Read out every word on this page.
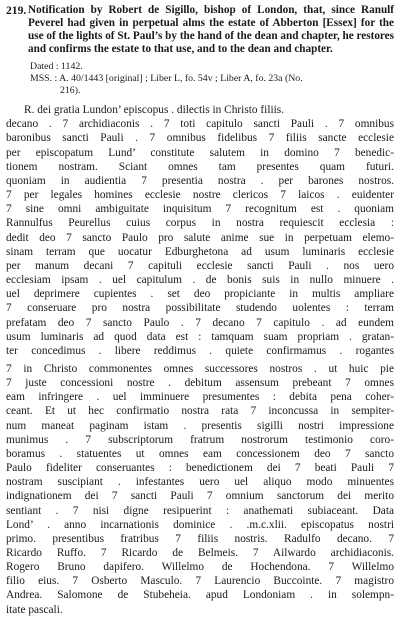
219. Notification by Robert de Sigillo, bishop of London, that, since Ranulf Peverel had given in perpetual alms the estate of Abberton [Essex] for the use of the lights of St. Paul’s by the hand of the dean and chapter, he restores and confirms the estate to that use, and to the dean and chapter.
Dated : 1142.
MSS. : A. 40/1443 [original] ; Liber L, fo. 54v ; Liber A, fo. 23a (No.
216).
R. dei gratia Lundon’ episcopus . dilectis in Christo filiis.
decano . 7 archidiaconis . 7 toti capitulo sancti Pauli . 7 omnibus
baronibus sancti Pauli . 7 omnibus fidelibus 7 filiis sancte ecclesie
per episcopatum Lund’ constitute salutem in domino 7 benedic-
tionem nostram. Sciant omnes tam presentes quam futuri.
quoniam in audientia 7 presentia nostra . per barones nostros.
7 per legales homines ecclesie nostre clericos 7 laicos . euidenter
7 sine omni ambiguitate inquisitum 7 recognitum est . quoniam
Rannulfus Peurellus cuius corpus in nostra requiescit ecclesia :
dedit deo 7 sancto Paulo pro salute anime sue in perpetuam elemo-
sinam terram que uocatur Edburghetona ad usum luminaris ecclesie
per manum decani 7 capituli ecclesie sancti Pauli . nos uero
ecclesiam ipsam . uel capitulum . de bonis suis in nullo minuere .
uel deprimere cupientes . set deo propiciante in multis ampliare
7 conseruare pro nostra possibilitate studendo uolentes : terram
prefatam deo 7 sancto Paulo . 7 decano 7 capitulo . ad eundem
usum luminaris ad quod data est : tamquam suam propriam . gratan-
ter concedimus . libere reddimus . quiete confirmamus . rogantes
7 in Christo commonentes omnes successores nostros . ut huic pie
7 juste concessioni nostre . debitum assensum prebeant 7 omnes
eam infringere . uel imminuere presumentes : debita pena coher-
ceant. Et ut hec confirmatio nostra rata 7 inconcussa in sempiter-
num maneat paginam istam . presentis sigilli nostri impressione
munimus . 7 subscriptorum fratrum nostrorum testimonio coro-
boramus . statuentes ut omnes eam concessionem deo 7 sancto
Paulo fideliter conseruantes : benedictionem dei 7 beati Pauli 7
nostram suscipiant . infestantes uero uel aliquo modo minuentes
indignationem dei 7 sancti Pauli 7 omnium sanctorum dei merito
sentiant . 7 nisi digne resipuerint : anathemati subiaceant. Data
Lond’ . anno incarnationis dominice . .m.c.xlii. episcopatus nostri
primo. presentibus fratribus 7 filiis nostris. Radulfo decano. 7
Ricardo Ruffo. 7 Ricardo de Belmeis. 7 Ailwardo archidiaconis.
Rogero Bruno dapifero. Willelmo de Hochendona. 7 Willelmo
filio eius. 7 Osberto Masculo. 7 Laurencio Buccointe. 7 magistro
Andrea. Salomone de Stubeheia. apud Londoniam . in solempn-
itate pascali.
